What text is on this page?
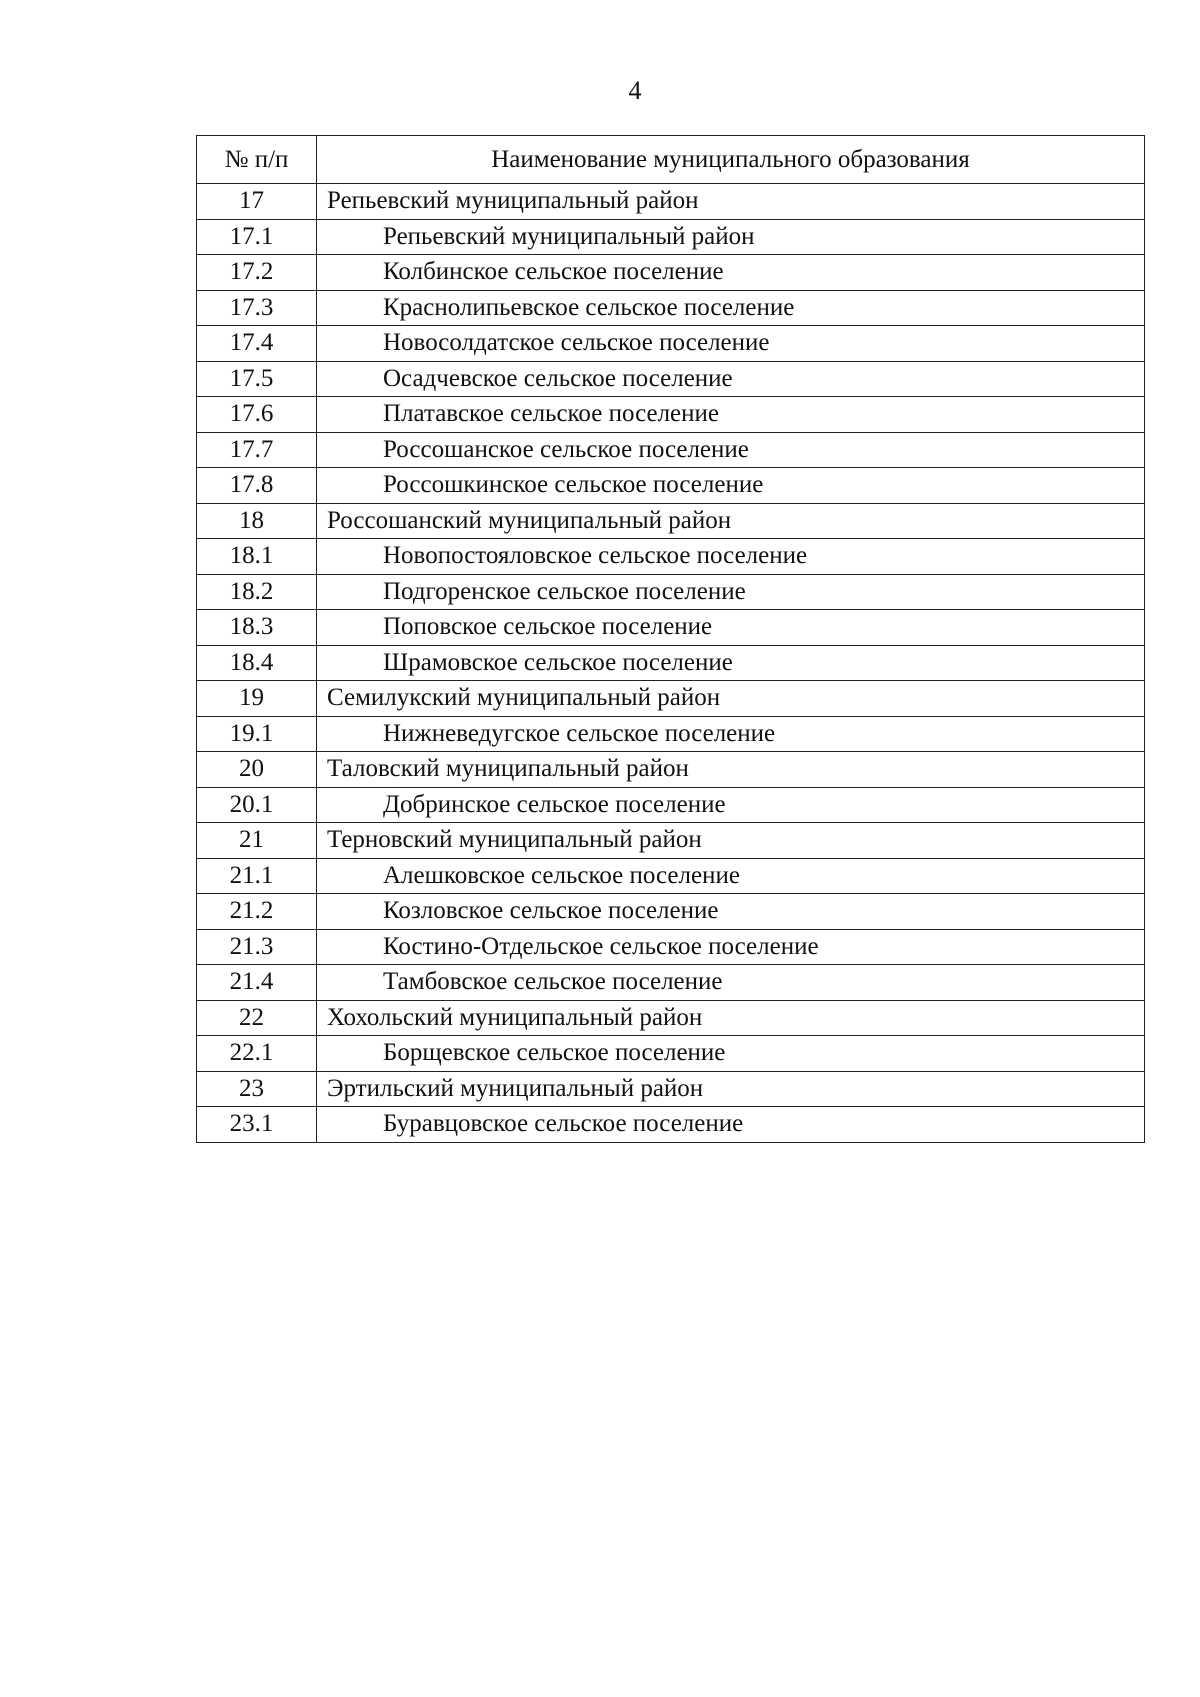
4
№ п/п	Наименование муниципального образования
17	Репьевский муниципальный район
17.1	Репьевский муниципальный район
17.2	Колбинское сельское поселение
17.3	Краснолипьевское сельское поселение
17.4	Новосолдатское сельское поселение
17.5	Осадчевское сельское поселение
17.6	Платавское сельское поселение
17.7	Россошанское сельское поселение
17.8	Россошкинское сельское поселение
18	Россошанский муниципальный район
18.1	Новопостояловское сельское поселение
18.2	Подгоренское сельское поселение
18.3	Поповское сельское поселение
18.4	Шрамовское сельское поселение
19	Семилукский муниципальный район
19.1	Нижневедугское сельское поселение
20	Таловский муниципальный район
20.1	Добринское сельское поселение
21	Терновский муниципальный район
21.1	Алешковское сельское поселение
21.2	Козловское сельское поселение
21.3	Костино-Отдельское сельское поселение
21.4	Тамбовское сельское поселение
22	Хохольский муниципальный район
22.1	Борщевское сельское поселение
23	Эртильский муниципальный район
23.1	Буравцовское сельское поселение
